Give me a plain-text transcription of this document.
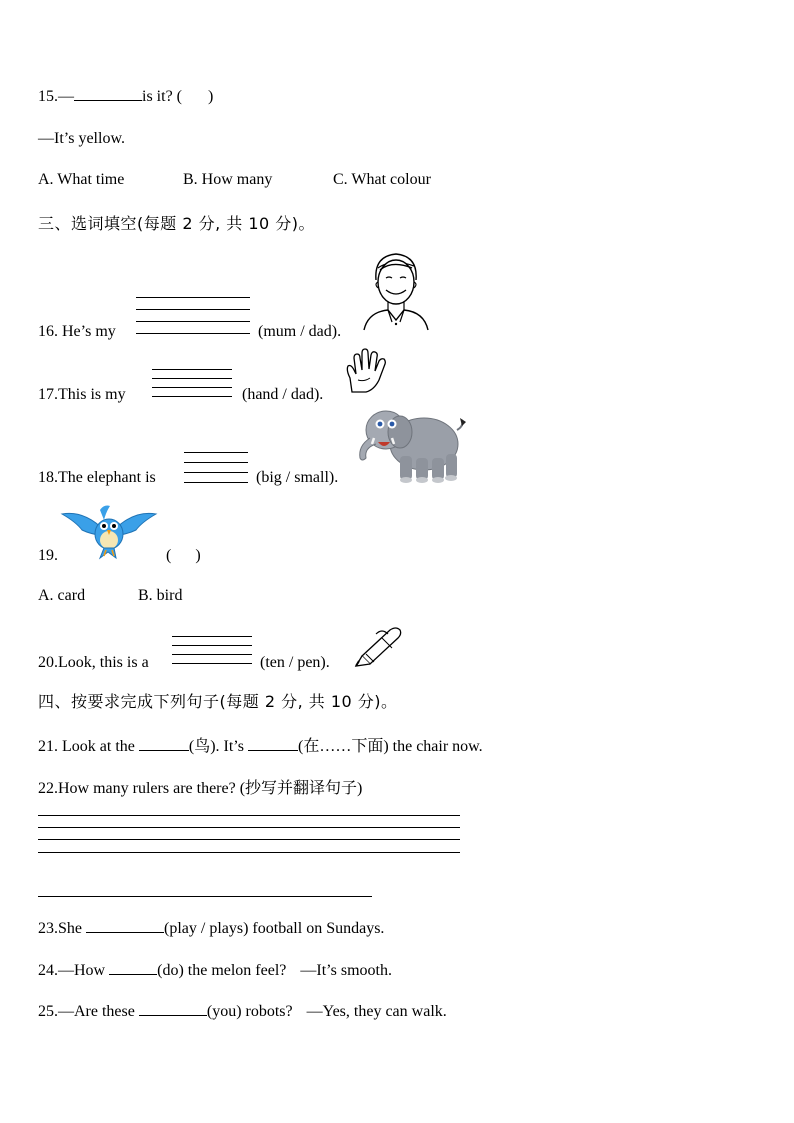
15.—	is it? ( )
—It’s yellow.
A. What time	B. How many	C. What colour
三、选词填空(每题 2 分, 共 10 分)。
16. He’s my	(mum / dad).
17.This is my	(hand / dad).
18.The elephant is	(big / small).
19.	(      )
A. card	B. bird
20.Look, this is a	(ten / pen).
四、按要求完成下列句子(每题 2 分, 共 10 分)。
21. Look at the	(鸟). It’s	(在……下面) the chair now.
22.How many rulers are there? (抄写并翻译句子)
23.She	(play / plays) football on Sundays.
24.—How	(do) the melon feel? —It’s smooth.
25.—Are these	(you) robots? —Yes, they can walk.
